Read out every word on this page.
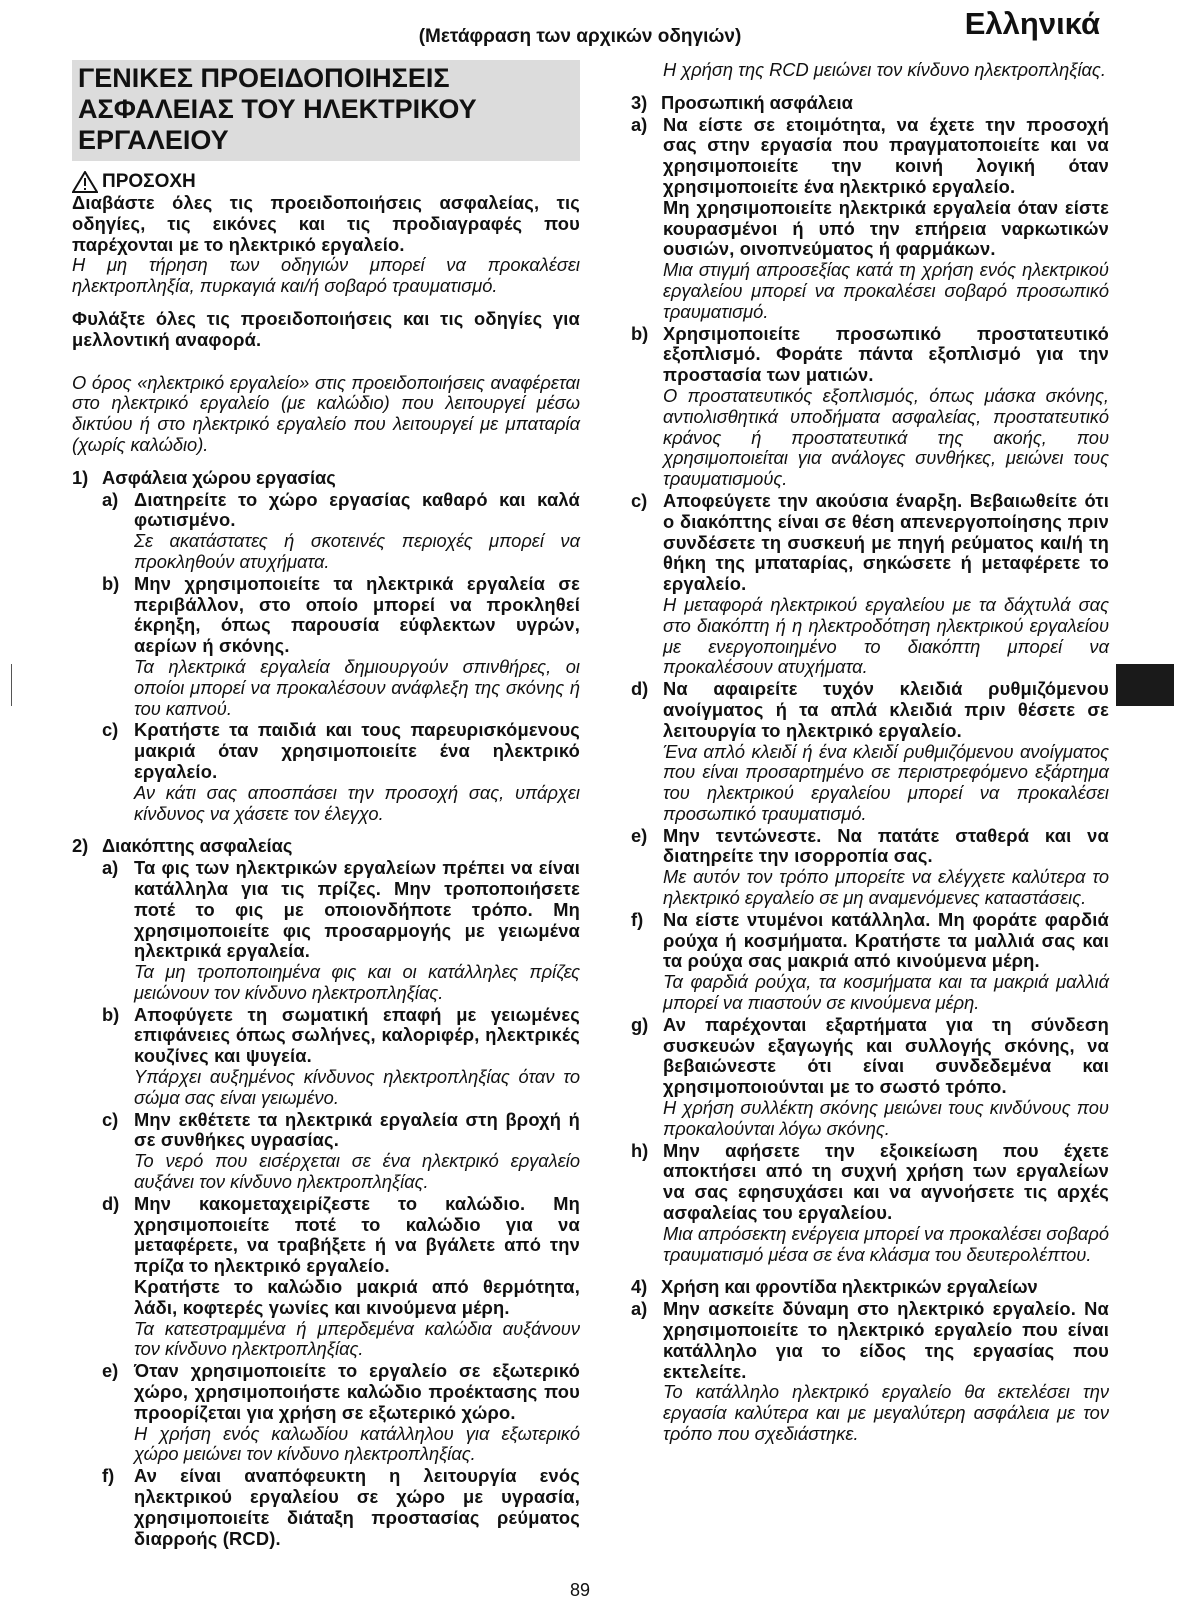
(Μετάφραση των αρχικών οδηγιών)	Ελληνικά
ΓΕΝΙΚΕΣ ΠΡΟΕΙΔΟΠΟΙΗΣΕΙΣ ΑΣΦΑΛΕΙΑΣ ΤΟΥ ΗΛΕΚΤΡΙΚΟΥ ΕΡΓΑΛΕΙΟΥ
ΠΡΟΣΟΧΗ

Διαβάστε όλες τις προειδοποιήσεις ασφαλείας, τις οδηγίες, τις εικόνες και τις προδιαγραφές που παρέχονται με το ηλεκτρικό εργαλείο.

Η μη τήρηση των οδηγιών μπορεί να προκαλέσει ηλεκτροπληξία, πυρκαγιά και/ή σοβαρό τραυματισμό.

Φυλάξτε όλες τις προειδοποιήσεις και τις οδηγίες για μελλοντική αναφορά.

Ο όρος «ηλεκτρικό εργαλείο» στις προειδοποιήσεις αναφέρεται στο ηλεκτρικό εργαλείο (με καλώδιο) που λειτουργεί μέσω δικτύου ή στο ηλεκτρικό εργαλείο που λειτουργεί με μπαταρία (χωρίς καλώδιο).

1) Ασφάλεια χώρου εργασίας
a) Διατηρείτε το χώρο εργασίας καθαρό και καλά φωτισμένο.

Σε ακατάστατες ή σκοτεινές περιοχές μπορεί να προκληθούν ατυχήματα.

b) Μην χρησιμοποιείτε τα ηλεκτρικά εργαλεία σε περιβάλλον, στο οποίο μπορεί να προκληθεί έκρηξη, όπως παρουσία εύφλεκτων υγρών, αερίων ή σκόνης.

Τα ηλεκτρικά εργαλεία δημιουργούν σπινθήρες, οι οποίοι μπορεί να προκαλέσουν ανάφλεξη της σκόνης ή του καπνού.

c) Κρατήστε τα παιδιά και τους παρευρισκόμενους μακριά όταν χρησιμοποιείτε ένα ηλεκτρικό εργαλείο.

Αν κάτι σας αποσπάσει την προσοχή σας, υπάρχει κίνδυνος να χάσετε τον έλεγχο.

2) Διακόπτης ασφαλείας
a) Τα φις των ηλεκτρικών εργαλείων πρέπει να είναι κατάλληλα για τις πρίζες. Μην τροποποιήσετε ποτέ το φις με οποιονδήποτε τρόπο. Μη χρησιμοποιείτε φις προσαρμογής με γειωμένα ηλεκτρικά εργαλεία.

Τα μη τροποποιημένα φις και οι κατάλληλες πρίζες μειώνουν τον κίνδυνο ηλεκτροπληξίας.

b) Αποφύγετε τη σωματική επαφή με γειωμένες επιφάνειες όπως σωλήνες, καλοριφέρ, ηλεκτρικές κουζίνες και ψυγεία.

Υπάρχει αυξημένος κίνδυνος ηλεκτροπληξίας όταν το σώμα σας είναι γειωμένο.

c) Μην εκθέτετε τα ηλεκτρικά εργαλεία στη βροχή ή σε συνθήκες υγρασίας.

Το νερό που εισέρχεται σε ένα ηλεκτρικό εργαλείο αυξάνει τον κίνδυνο ηλεκτροπληξίας.

d) Μην κακομεταχειρίζεστε το καλώδιο. Μη χρησιμοποιείτε ποτέ το καλώδιο για να μεταφέρετε, να τραβήξετε ή να βγάλετε από την πρίζα το ηλεκτρικό εργαλείο.

Κρατήστε το καλώδιο μακριά από θερμότητα, λάδι, κοφτερές γωνίες και κινούμενα μέρη.

Τα κατεστραμμένα ή μπερδεμένα καλώδια αυξάνουν τον κίνδυνο ηλεκτροπληξίας.

e) Όταν χρησιμοποιείτε το εργαλείο σε εξωτερικό χώρο, χρησιμοποιήστε καλώδιο προέκτασης που προορίζεται για χρήση σε εξωτερικό χώρο.

Η χρήση ενός καλωδίου κατάλληλου για εξωτερικό χώρο μειώνει τον κίνδυνο ηλεκτροπληξίας.

f)	Αν είναι αναπόφευκτη η λειτουργία ενός ηλεκτρικού εργαλείου σε χώρο με υγρασία, χρησιμοποιείτε διάταξη προστασίας ρεύματος διαρροής (RCD).

Η χρήση της RCD μειώνει τον κίνδυνο ηλεκτροπληξίας.

3) Προσωπική ασφάλεια
a) Να είστε σε ετοιμότητα, να έχετε την προσοχή σας στην εργασία που πραγματοποιείτε και να χρησιμοποιείτε την κοινή λογική όταν χρησιμοποιείτε ένα ηλεκτρικό εργαλείο.

Μη χρησιμοποιείτε ηλεκτρικά εργαλεία όταν είστε κουρασμένοι ή υπό την επήρεια ναρκωτικών ουσιών, οινοπνεύματος ή φαρμάκων.

Μια στιγμή απροσεξίας κατά τη χρήση ενός ηλεκτρικού εργαλείου μπορεί να προκαλέσει σοβαρό προσωπικό τραυματισμό.

b) Χρησιμοποιείτε προσωπικό προστατευτικό εξοπλισμό. Φοράτε πάντα εξοπλισμό για την προστασία των ματιών.

Ο προστατευτικός εξοπλισμός, όπως μάσκα σκόνης, αντιολισθητικά υποδήματα ασφαλείας, προστατευτικό κράνος ή προστατευτικά της ακοής, που χρησιμοποιείται για ανάλογες συνθήκες, μειώνει τους τραυματισμούς.

c) Αποφεύγετε την ακούσια έναρξη. Βεβαιωθείτε ότι ο διακόπτης είναι σε θέση απενεργοποίησης πριν συνδέσετε τη συσκευή με πηγή ρεύματος και/ή τη θήκη της μπαταρίας, σηκώσετε ή μεταφέρετε το εργαλείο.

Η μεταφορά ηλεκτρικού εργαλείου με τα δάχτυλά σας στο διακόπτη ή η ηλεκτροδότηση ηλεκτρικού εργαλείου με ενεργοποιημένο το διακόπτη μπορεί να προκαλέσουν ατυχήματα.

d) Να αφαιρείτε τυχόν κλειδιά ρυθμιζόμενου ανοίγματος ή τα απλά κλειδιά πριν θέσετε σε λειτουργία το ηλεκτρικό εργαλείο.

Ένα απλό κλειδί ή ένα κλειδί ρυθμιζόμενου ανοίγματος που είναι προσαρτημένο σε περιστρεφόμενο εξάρτημα του ηλεκτρικού εργαλείου μπορεί να προκαλέσει προσωπικό τραυματισμό.

e) Μην τεντώνεστε. Να πατάτε σταθερά και να διατηρείτε την ισορροπία σας.

Με αυτόν τον τρόπο μπορείτε να ελέγχετε καλύτερα το ηλεκτρικό εργαλείο σε μη αναμενόμενες καταστάσεις.

f)	Να είστε ντυμένοι κατάλληλα. Μη φοράτε φαρδιά ρούχα ή κοσμήματα. Κρατήστε τα μαλλιά σας και τα ρούχα σας μακριά από κινούμενα μέρη.

Τα φαρδιά ρούχα, τα κοσμήματα και τα μακριά μαλλιά μπορεί να πιαστούν σε κινούμενα μέρη.

g) Αν παρέχονται εξαρτήματα για τη σύνδεση συσκευών εξαγωγής και συλλογής σκόνης, να βεβαιώνεστε ότι είναι συνδεδεμένα και χρησιμοποιούνται με το σωστό τρόπο.

Η χρήση συλλέκτη σκόνης μειώνει τους κινδύνους που προκαλούνται λόγω σκόνης.

h) Μην αφήσετε την εξοικείωση που έχετε αποκτήσει από τη συχνή χρήση των εργαλείων να σας εφησυχάσει και να αγνοήσετε τις αρχές ασφαλείας του εργαλείου.

Μια απρόσεκτη ενέργεια μπορεί να προκαλέσει σοβαρό τραυματισμό μέσα σε ένα κλάσμα του δευτερολέπτου.

4) Χρήση και φροντίδα ηλεκτρικών εργαλείων
a) Μην ασκείτε δύναμη στο ηλεκτρικό εργαλείο. Να χρησιμοποιείτε το ηλεκτρικό εργαλείο που είναι κατάλληλο για το είδος της εργασίας που εκτελείτε.

Το κατάλληλο ηλεκτρικό εργαλείο θα εκτελέσει την εργασία καλύτερα και με μεγαλύτερη ασφάλεια με τον τρόπο που σχεδιάστηκε.

89
